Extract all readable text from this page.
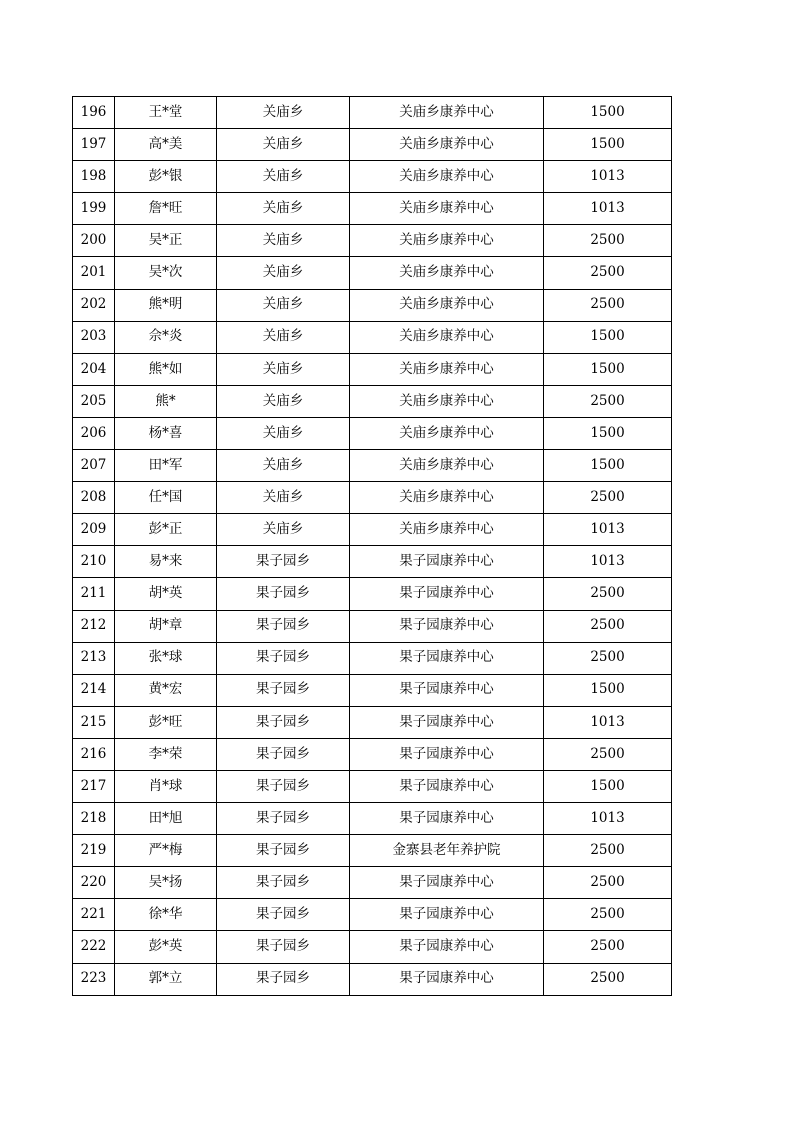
196	王*堂	关庙乡	关庙乡康养中心	1500
197	高*美	关庙乡	关庙乡康养中心	1500
198	彭*银	关庙乡	关庙乡康养中心	1013
199	詹*旺	关庙乡	关庙乡康养中心	1013
200	吴*正	关庙乡	关庙乡康养中心	2500
201	吴*次	关庙乡	关庙乡康养中心	2500
202	熊*明	关庙乡	关庙乡康养中心	2500
203	佘*炎	关庙乡	关庙乡康养中心	1500
204	熊*如	关庙乡	关庙乡康养中心	1500
205	熊*	关庙乡	关庙乡康养中心	2500
206	杨*喜	关庙乡	关庙乡康养中心	1500
207	田*军	关庙乡	关庙乡康养中心	1500
208	任*国	关庙乡	关庙乡康养中心	2500
209	彭*正	关庙乡	关庙乡康养中心	1013
210	易*来	果子园乡	果子园康养中心	1013
211	胡*英	果子园乡	果子园康养中心	2500
212	胡*章	果子园乡	果子园康养中心	2500
213	张*球	果子园乡	果子园康养中心	2500
214	黄*宏	果子园乡	果子园康养中心	1500
215	彭*旺	果子园乡	果子园康养中心	1013
216	李*荣	果子园乡	果子园康养中心	2500
217	肖*球	果子园乡	果子园康养中心	1500
218	田*旭	果子园乡	果子园康养中心	1013
219	严*梅	果子园乡	金寨县老年养护院	2500
220	吴*扬	果子园乡	果子园康养中心	2500
221	徐*华	果子园乡	果子园康养中心	2500
222	彭*英	果子园乡	果子园康养中心	2500
223	郭*立	果子园乡	果子园康养中心	2500
